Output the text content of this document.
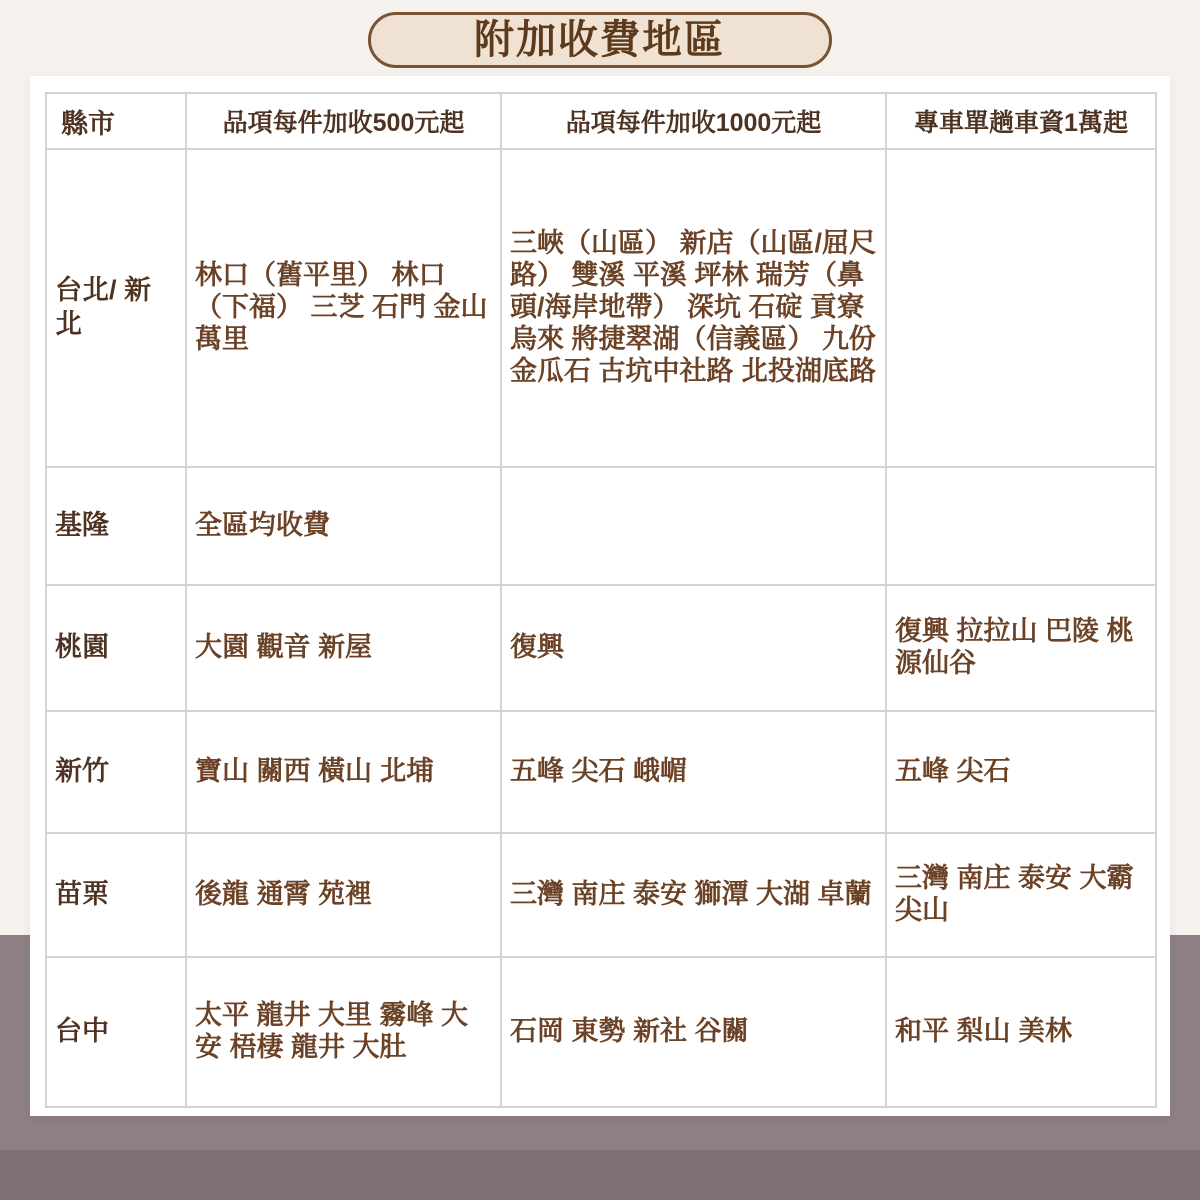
附加收費地區
縣市	品項每件加收500元起	品項每件加收1000元起	專車單趟車資1萬起
台北/ 新北	林口（舊平里） 林口（下福） 三芝 石門 金山 萬里	三峽（山區） 新店（山區/屈尺路） 雙溪 平溪 坪林 瑞芳（鼻頭/海岸地帶） 深坑 石碇 貢寮 烏來 將捷翠湖（信義區） 九份 金瓜石 古坑中社路 北投湖底路	
基隆	全區均收費		
桃園	大園 觀音 新屋	復興	復興 拉拉山 巴陵 桃源仙谷
新竹	寶山 關西 橫山 北埔	五峰 尖石 峨嵋	五峰 尖石
苗栗	後龍 通霄 苑裡	三灣 南庄 泰安 獅潭 大湖 卓蘭	三灣 南庄 泰安 大霸尖山
台中	太平 龍井 大里 霧峰 大安 梧棲 龍井 大肚	石岡 東勢 新社 谷關	和平 梨山 美林
